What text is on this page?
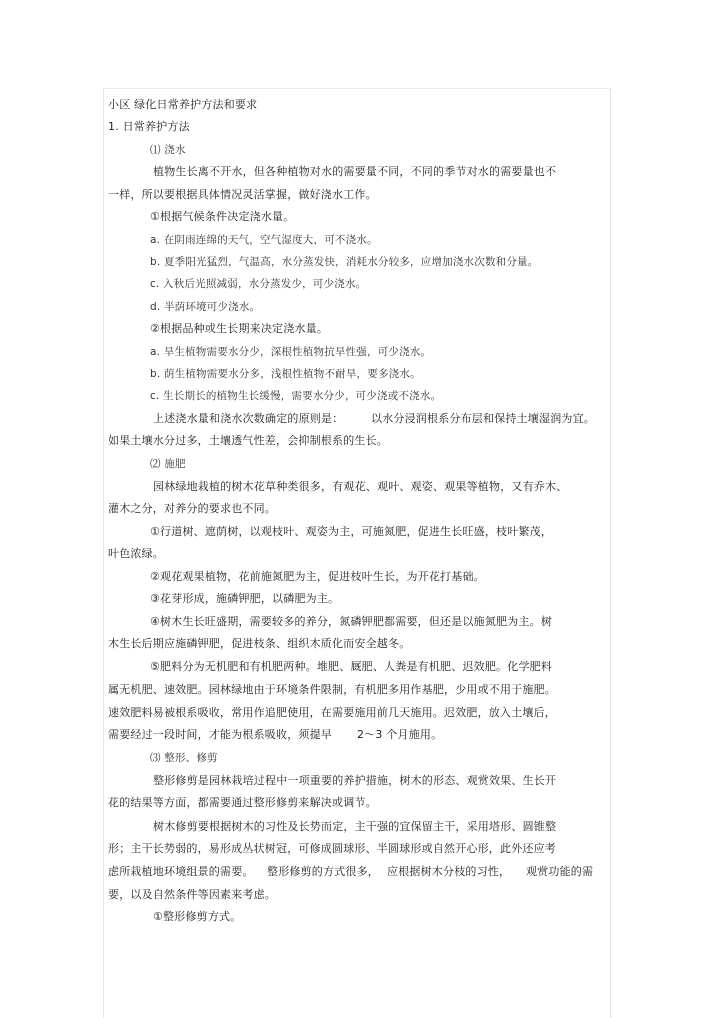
小区 绿化日常养护方法和要求
1. 日常养护方法
⑴ 浇水
植物生长离不开水，但各种植物对水的需要量不同，不同的季节对水的需要量也不
一样，所以要根据具体情况灵活掌握，做好浇水工作。
①根据气候条件决定浇水量。
a. 在阴雨连绵的天气，空气湿度大，可不浇水。
b. 夏季阳光猛烈，气温高，水分蒸发快，消耗水分较多，应增加浇水次数和分量。
c. 入秋后光照减弱，水分蒸发少，可少浇水。
d. 半荫环境可少浇水。
②根据品种或生长期来决定浇水量。
a. 旱生植物需要水分少，深根性植物抗旱性强，可少浇水。
b. 荫生植物需要水分多，浅根性植物不耐旱，要多浇水。
c. 生长期长的植物生长缓慢，需要水分少，可少浇或不浇水。
上述浇水量和浇水次数确定的原则是：	以水分浸润根系分布层和保持土壤湿润为宜。
如果土壤水分过多，土壤透气性差，会抑制根系的生长。
⑵ 施肥
园林绿地栽植的树木花草种类很多，有观花、观叶、观姿、观果等植物，又有乔木、
灌木之分，对养分的要求也不同。
①行道树、遮荫树，以观枝叶、观姿为主，可施氮肥，促进生长旺盛，枝叶繁茂，
叶色浓绿。
②观花观果植物，花前施氮肥为主，促进枝叶生长，为开花打基础。
③花芽形成，施磷钾肥，以磷肥为主。
④树木生长旺盛期，需要较多的养分，氮磷钾肥都需要，但还是以施氮肥为主。树
木生长后期应施磷钾肥，促进枝条、组织木质化而安全越冬。
⑤肥料分为无机肥和有机肥两种。堆肥、厩肥、人粪是有机肥、迟效肥。化学肥料
属无机肥、速效肥。园林绿地由于环境条件限制，有机肥多用作基肥，少用或不用于施肥。
速效肥料易被根系吸收，常用作追肥使用，在需要施用前几天施用。迟效肥，放入土壤后，
需要经过一段时间，才能为根系吸收，须提早 2～3 个月施用。
⑶ 整形、修剪
整形修剪是园林栽培过程中一项重要的养护措施，树木的形态、观赏效果、生长开
花的结果等方面，都需要通过整形修剪来解决或调节。
树木修剪要根据树木的习性及长势而定，主干强的宜保留主干，采用塔形、圆锥整
形；主干长势弱的，易形成丛状树冠，可修成圆球形、半圆球形或自然开心形，此外还应考
虑所栽植地环境组景的需要。 整形修剪的方式很多， 应根据树木分枝的习性， 观赏功能的需
要，以及自然条件等因素来考虑。
①整形修剪方式。
